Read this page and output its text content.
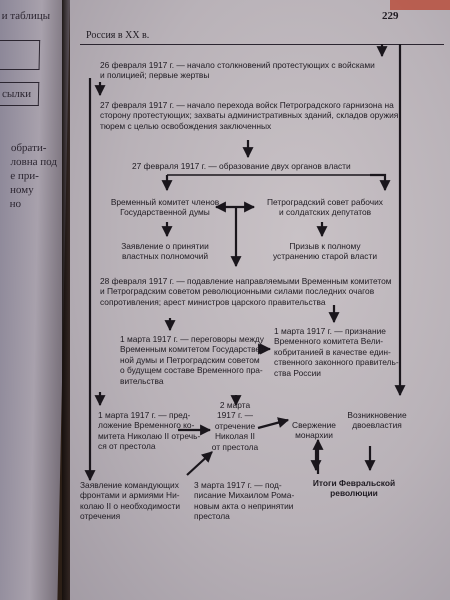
и таблицы
сылки
обрати-
ловна под
е при-
ному
но
Россия в XX в.
229
26 февраля 1917 г. — начало столкновений протестующих с войсками
и полицией; первые жертвы
27 февраля 1917 г. — начало перехода войск Петроградского гарнизона на
сторону протестующих; захваты административных зданий, складов оружия,
тюрем с целью освобождения заключенных
27 февраля 1917 г. — образование двух органов власти
Временный комитет членов
Государственной думы
Петроградский совет рабочих
и солдатских депутатов
Заявление о принятии
властных полномочий
Призыв к полному
устранению старой власти
28 февраля 1917 г. — подавление направляемыми Временным комитетом
и Петроградским советом революционными силами последних очагов
сопротивления; арест министров царского правительства
1 марта 1917 г. — переговоры между
Временным комитетом Государствен-
ной думы и Петроградским советом
о будущем составе Временного пра-
вительства
1 марта 1917 г. — признание
Временного комитета Вели-
кобританией в качестве един-
ственного законного правитель-
ства России
1 марта 1917 г. — пред-
ложение Временного ко-
митета Николаю II отречь-
ся от престола
2 марта
1917 г. —
отречение
Николая II
от престола
Свержение
монархии
Возникновение
двоевластия
Заявление командующих
фронтами и армиями Ни-
колаю II о необходимости
отречения
3 марта 1917 г. — под-
писание Михаилом Рома-
новым акта о непринятии
престола
Итоги Февральской
революции
